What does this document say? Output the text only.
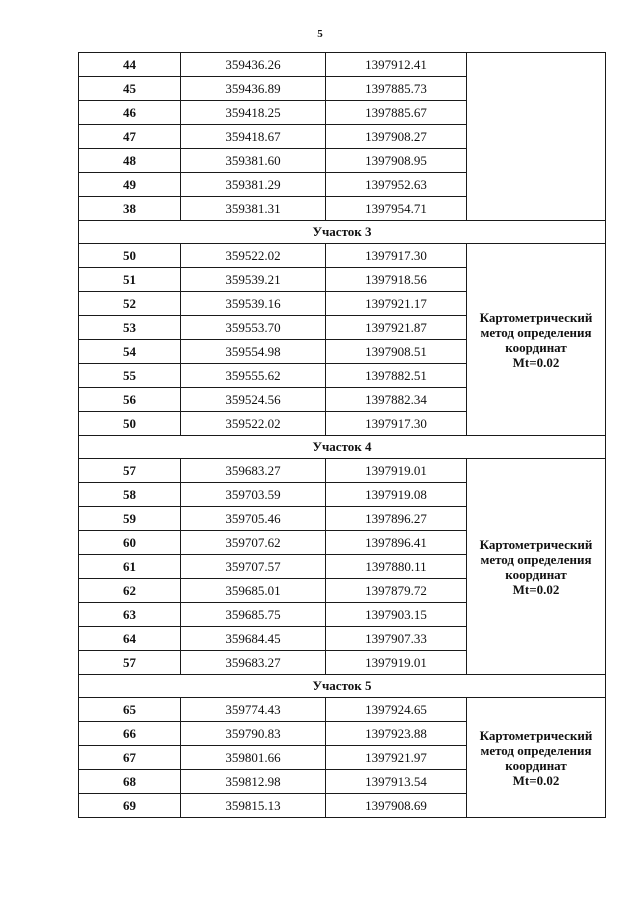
5
44	359436.26	1397912.41	
45	359436.89	1397885.73	
46	359418.25	1397885.67	
47	359418.67	1397908.27	
48	359381.60	1397908.95	
49	359381.29	1397952.63	
38	359381.31	1397954.71	
Участок 3			
50	359522.02	1397917.30	Картометрический
метод определения
координат
Mt=0.02

51	359539.21	1397918.56	
52	359539.16	1397921.17	
53	359553.70	1397921.87	
54	359554.98	1397908.51	
55	359555.62	1397882.51	
56	359524.56	1397882.34	
50	359522.02	1397917.30	
Участок 4			
57	359683.27	1397919.01	Картометрический
метод определения
координат
Mt=0.02

58	359703.59	1397919.08	
59	359705.46	1397896.27	
60	359707.62	1397896.41	
61	359707.57	1397880.11	
62	359685.01	1397879.72	
63	359685.75	1397903.15	
64	359684.45	1397907.33	
57	359683.27	1397919.01	
Участок 5			
65	359774.43	1397924.65	Картометрический
метод определения
координат
Mt=0.02

66	359790.83	1397923.88	
67	359801.66	1397921.97	
68	359812.98	1397913.54	
69	359815.13	1397908.69	
